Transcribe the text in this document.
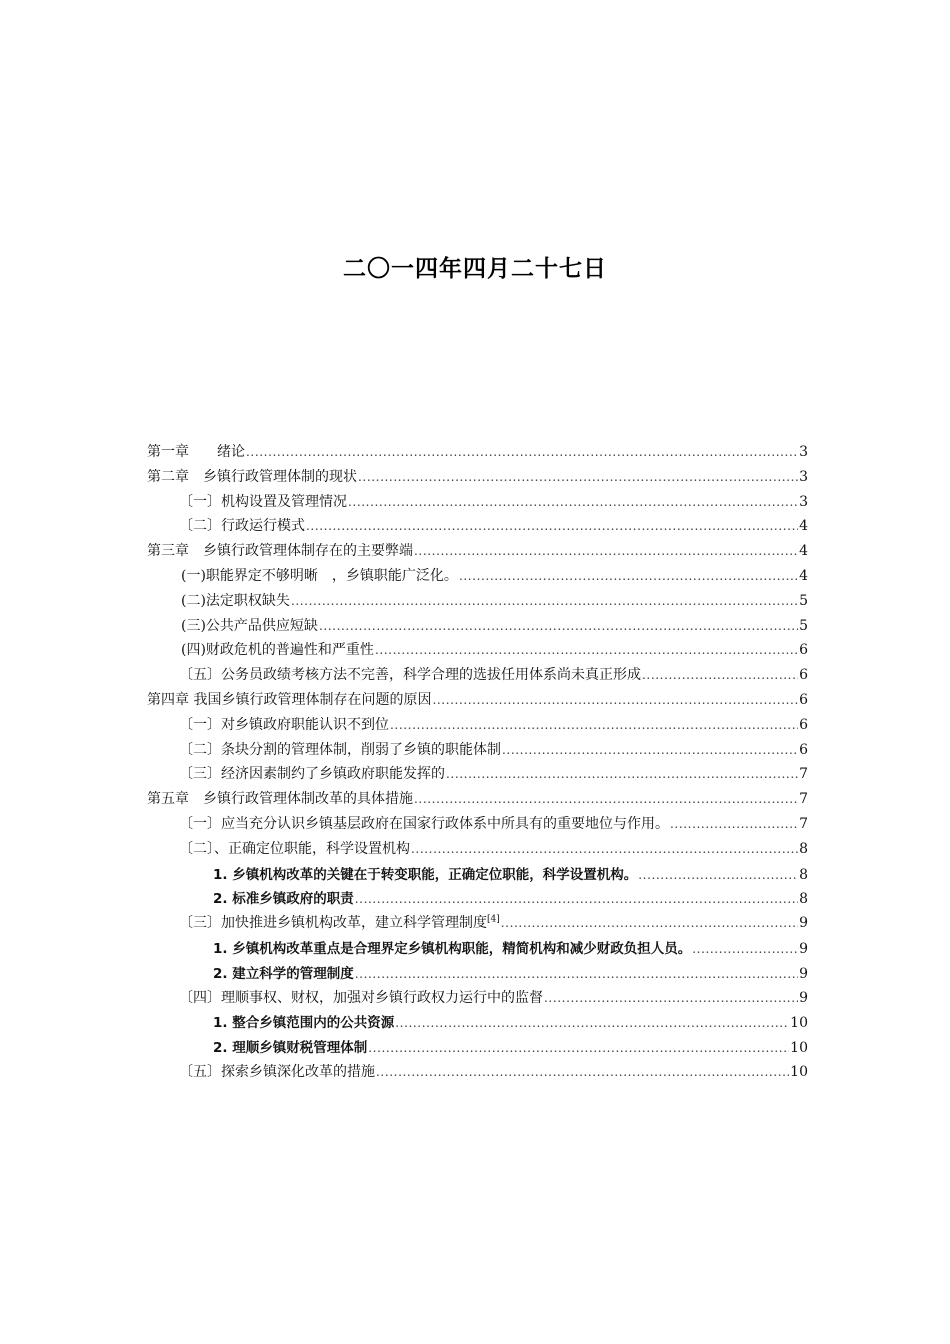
二〇一四年四月二十七日
第一章　　绪论 .....	3
第二章　乡镇行政管理体制的现状 .....	3
〔一〕机构设置及管理情况 .....	3
〔二〕行政运行模式 .....	4
第三章　乡镇行政管理体制存在的主要弊端 .....	4
(一)职能界定不够明晰　，乡镇职能广泛化。 .....	4
(二)法定职权缺失 .....	5
(三)公共产品供应短缺 .....	5
(四)财政危机的普遍性和严重性 .....	6
〔五〕公务员政绩考核方法不完善，科学合理的选拔任用体系尚未真正形成 .....	6
第四章 我国乡镇行政管理体制存在问题的原因 .....	6
〔一〕对乡镇政府职能认识不到位 .....	6
〔二〕条块分割的管理体制，削弱了乡镇的职能体制 .....	6
〔三〕经济因素制约了乡镇政府职能发挥的 .....	7
第五章　乡镇行政管理体制改革的具体措施 .....	7
〔一〕应当充分认识乡镇基层政府在国家行政体系中所具有的重要地位与作用。 .....	7
〔二〕、正确定位职能，科学设置机构 .....	8
1. 乡镇机构改革的关键在于转变职能，正确定位职能，科学设置机构。 .....	8
2. 标准乡镇政府的职责 .....	8
〔三〕加快推进乡镇机构改革，建立科学管理制度[4] .....	9
1. 乡镇机构改革重点是合理界定乡镇机构职能，精简机构和减少财政负担人员。 .....	9
2. 建立科学的管理制度 .....	9
〔四〕理顺事权、财权，加强对乡镇行政权力运行中的监督 .....	9
1. 整合乡镇范围内的公共资源 .....	10
2. 理顺乡镇财税管理体制 .....	10
〔五〕探索乡镇深化改革的措施 .....	10
